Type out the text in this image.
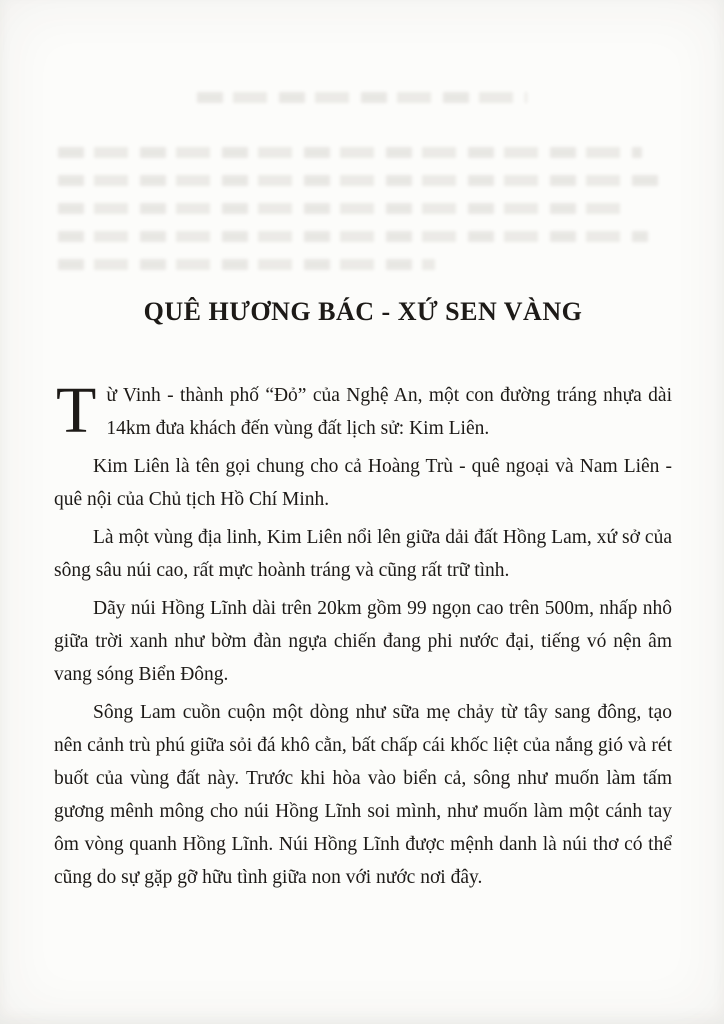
QUÊ HƯƠNG BÁC - XỨ SEN VÀNG

Từ Vinh - thành phố “Đỏ” của Nghệ An, một con đường tráng nhựa dài 14km đưa khách đến vùng đất lịch sử: Kim Liên.

Kim Liên là tên gọi chung cho cả Hoàng Trù - quê ngoại và Nam Liên - quê nội của Chủ tịch Hồ Chí Minh.

Là một vùng địa linh, Kim Liên nổi lên giữa dải đất Hồng Lam, xứ sở của sông sâu núi cao, rất mực hoành tráng và cũng rất trữ tình.

Dãy núi Hồng Lĩnh dài trên 20km gồm 99 ngọn cao trên 500m, nhấp nhô giữa trời xanh như bờm đàn ngựa chiến đang phi nước đại, tiếng vó nện âm vang sóng Biển Đông.

Sông Lam cuồn cuộn một dòng như sữa mẹ chảy từ tây sang đông, tạo nên cảnh trù phú giữa sỏi đá khô cằn, bất chấp cái khốc liệt của nắng gió và rét buốt của vùng đất này. Trước khi hòa vào biển cả, sông như muốn làm tấm gương mênh mông cho núi Hồng Lĩnh soi mình, như muốn làm một cánh tay ôm vòng quanh Hồng Lĩnh. Núi Hồng Lĩnh được mệnh danh là núi thơ có thể cũng do sự gặp gỡ hữu tình giữa non với nước nơi đây.
